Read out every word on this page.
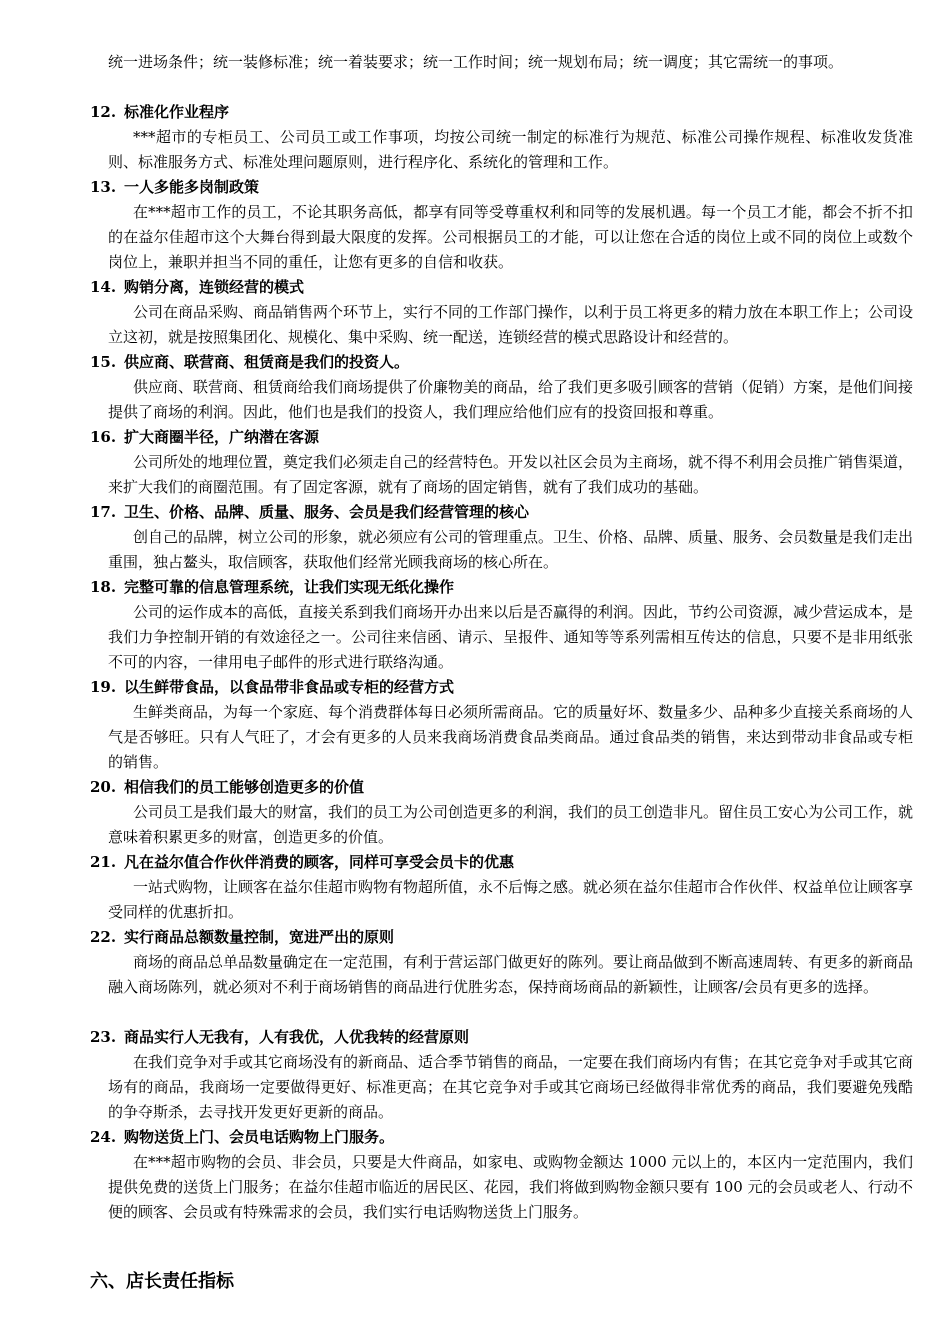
统一进场条件；统一装修标准；统一着装要求；统一工作时间；统一规划布局；统一调度；其它需统一的事项。

12. 标准化作业程序

***超市的专柜员工、公司员工或工作事项，均按公司统一制定的标准行为规范、标准公司操作规程、标准收发货准则、标准服务方式、标准处理问题原则，进行程序化、系统化的管理和工作。

13. 一人多能多岗制政策

在***超市工作的员工，不论其职务高低，都享有同等受尊重权利和同等的发展机遇。每一个员工才能，都会不折不扣的在益尔佳超市这个大舞台得到最大限度的发挥。公司根据员工的才能，可以让您在合适的岗位上或不同的岗位上或数个岗位上，兼职并担当不同的重任，让您有更多的自信和收获。

14. 购销分离，连锁经营的模式

公司在商品采购、商品销售两个环节上，实行不同的工作部门操作，以利于员工将更多的精力放在本职工作上；公司设立这初，就是按照集团化、规模化、集中采购、统一配送，连锁经营的模式思路设计和经营的。

15. 供应商、联营商、租赁商是我们的投资人。

供应商、联营商、租赁商给我们商场提供了价廉物美的商品，给了我们更多吸引顾客的营销（促销）方案，是他们间接提供了商场的利润。因此，他们也是我们的投资人，我们理应给他们应有的投资回报和尊重。

16. 扩大商圈半径，广纳潜在客源

公司所处的地理位置，奠定我们必须走自己的经营特色。开发以社区会员为主商场，就不得不利用会员推广销售渠道，来扩大我们的商圈范围。有了固定客源，就有了商场的固定销售，就有了我们成功的基础。

17. 卫生、价格、品牌、质量、服务、会员是我们经营管理的核心

创自己的品牌，树立公司的形象，就必须应有公司的管理重点。卫生、价格、品牌、质量、服务、会员数量是我们走出重围，独占鳌头，取信顾客，获取他们经常光顾我商场的核心所在。

18. 完整可靠的信息管理系统，让我们实现无纸化操作

公司的运作成本的高低，直接关系到我们商场开办出来以后是否赢得的利润。因此，节约公司资源，减少营运成本，是我们力争控制开销的有效途径之一。公司往来信函、请示、呈报件、通知等等系列需相互传达的信息，只要不是非用纸张不可的内容，一律用电子邮件的形式进行联络沟通。

19. 以生鲜带食品，以食品带非食品或专柜的经营方式

生鲜类商品，为每一个家庭、每个消费群体每日必须所需商品。它的质量好坏、数量多少、品种多少直接关系商场的人气是否够旺。只有人气旺了，才会有更多的人员来我商场消费食品类商品。通过食品类的销售，来达到带动非食品或专柜的销售。

20. 相信我们的员工能够创造更多的价值

公司员工是我们最大的财富，我们的员工为公司创造更多的利润，我们的员工创造非凡。留住员工安心为公司工作，就意味着积累更多的财富，创造更多的价值。

21. 凡在益尔值合作伙伴消费的顾客，同样可享受会员卡的优惠

一站式购物，让顾客在益尔佳超市购物有物超所值，永不后悔之感。就必须在益尔佳超市合作伙伴、权益单位让顾客享受同样的优惠折扣。

22. 实行商品总额数量控制，宽进严出的原则

商场的商品总单品数量确定在一定范围，有利于营运部门做更好的陈列。要让商品做到不断高速周转、有更多的新商品融入商场陈列，就必须对不利于商场销售的商品进行优胜劣态，保持商场商品的新颖性，让顾客/会员有更多的选择。

23. 商品实行人无我有，人有我优，人优我转的经营原则

在我们竞争对手或其它商场没有的新商品、适合季节销售的商品，一定要在我们商场内有售；在其它竞争对手或其它商场有的商品，我商场一定要做得更好、标准更高；在其它竞争对手或其它商场已经做得非常优秀的商品，我们要避免残酷的争夺斯杀，去寻找开发更好更新的商品。

24. 购物送货上门、会员电话购物上门服务。

在***超市购物的会员、非会员，只要是大件商品，如家电、或购物金额达 1000 元以上的，本区内一定范围内，我们提供免费的送货上门服务；在益尔佳超市临近的居民区、花园，我们将做到购物金额只要有 100 元的会员或老人、行动不便的顾客、会员或有特殊需求的会员，我们实行电话购物送货上门服务。

六、店长责任指标
